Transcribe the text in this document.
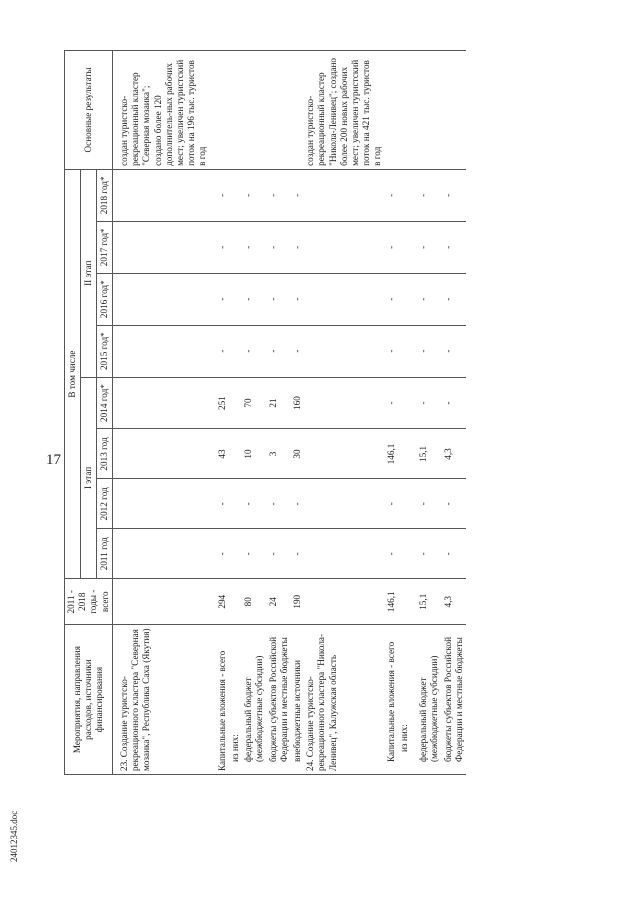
17
24012345.doc
Мероприятия, направления расходов, источники финансирования	2011 - 2018 годы - всего	В том числе								Основные результаты
		I этап				II этап				
		2011 год	2012 год	2013 год	2014 год*	2015 год*	2016 год*	2017 год*	2018 год*	
23. Создание туристско-рекреационного кластера "Северная мозаика", Республика Саха (Якутия)										создан туристско-рекреационный кластер "Северная мозаика"; создано более 120 дополнитель-ных рабочих мест; увеличен туристский поток на 196 тыс. туристов в год

Капитальные вложения - всего	294	-	-	43	251	-	-	-	-	
из них:										
федеральный бюджет (межбюджетные субсидии)	80	-	-	10	70	-	-	-	-	
бюджеты субъектов Российской Федерации и местные бюджеты	24	-	-	3	21	-	-	-	-	
внебюджетные источники	190	-	-	30	160	-	-	-	-	
24. Создание туристско-рекреационного кластера "Никола-Ленивец", Калужская область										создан туристско-рекреационный кластер "Никола-Ленивец"; создано более 200 новых рабочих мест; увеличен туристский поток на 421 тыс. туристов в год
Капитальные вложения - всего	146,1	-	-	146,1	-	-	-	-	-	
из них:										

федеральный бюджет (межбюджетные субсидии)	15,1	-	-	15,1	-	-	-	-	-	
бюджеты субъектов Российской Федерации и местные бюджеты	4,3	-	-	4,3	-	-	-	-	-	
